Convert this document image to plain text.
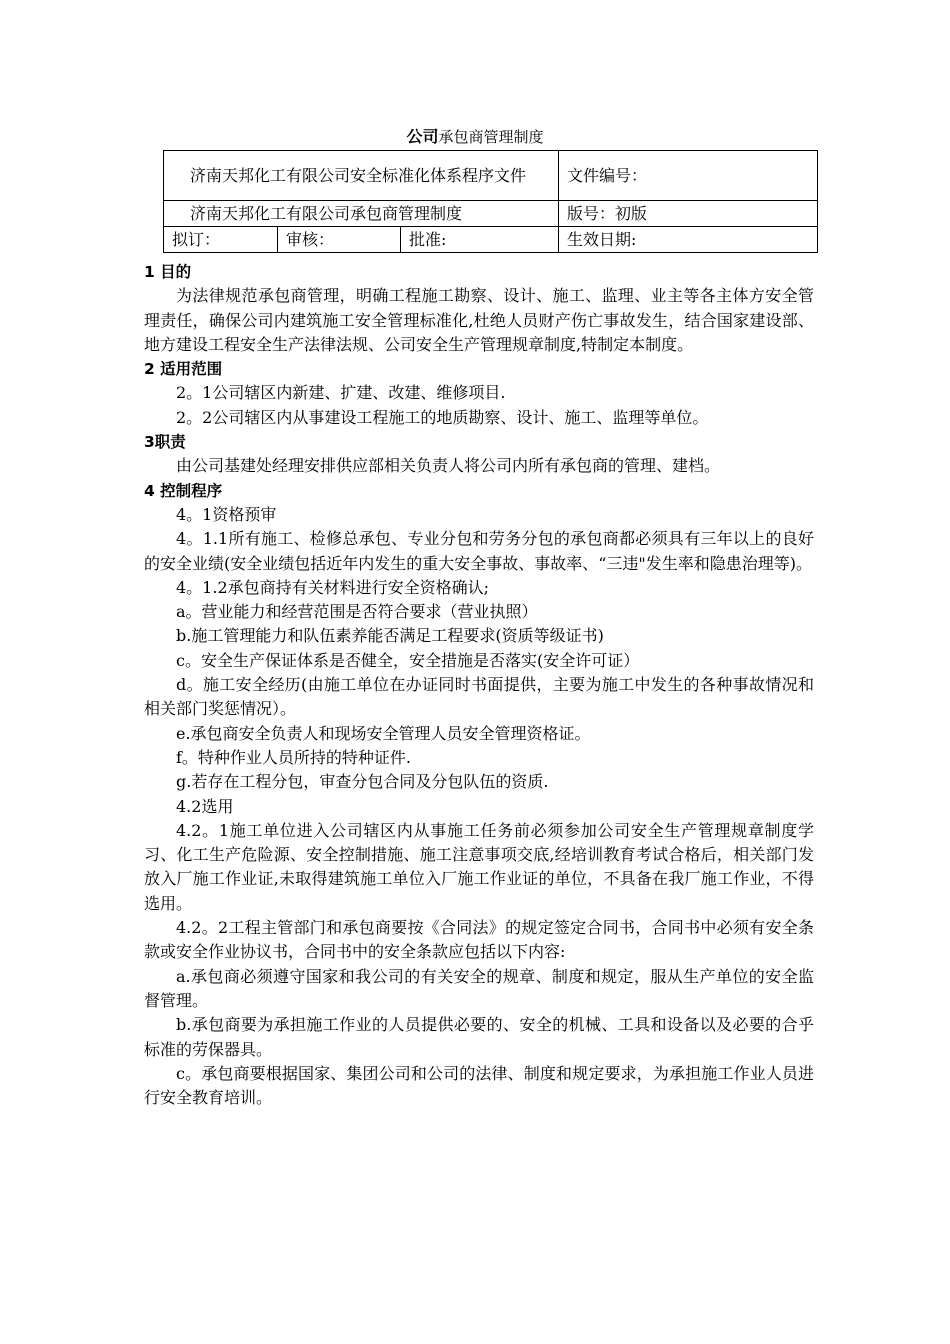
公司承包商管理制度
济南天邦化工有限公司安全标准化体系程序文件			文件编号：
济南天邦化工有限公司承包商管理制度			版号：初版
拟订：	审核：	批准:	生效日期:

1 目的

为法律规范承包商管理，明确工程施工勘察、设计、施工、监理、业主等各主体方安全管理责任，确保公司内建筑施工安全管理标准化,杜绝人员财产伤亡事故发生，结合国家建设部、地方建设工程安全生产法律法规、公司安全生产管理规章制度,特制定本制度。

2 适用范围

2。1公司辖区内新建、扩建、改建、维修项目.

2。2公司辖区内从事建设工程施工的地质勘察、设计、施工、监理等单位。

3职责

由公司基建处经理安排供应部相关负责人将公司内所有承包商的管理、建档。

4 控制程序

4。1资格预审

4。1.1所有施工、检修总承包、专业分包和劳务分包的承包商都必须具有三年以上的良好的安全业绩(安全业绩包括近年内发生的重大安全事故、事故率、“三违"发生率和隐患治理等)。

4。1.2承包商持有关材料进行安全资格确认;

a。营业能力和经营范围是否符合要求（营业执照）

b.施工管理能力和队伍素养能否满足工程要求(资质等级证书)

c。安全生产保证体系是否健全，安全措施是否落实(安全许可证）

d。施工安全经历(由施工单位在办证同时书面提供，主要为施工中发生的各种事故情况和相关部门奖惩情况）。

e.承包商安全负责人和现场安全管理人员安全管理资格证。

f。特种作业人员所持的特种证件.

g.若存在工程分包，审查分包合同及分包队伍的资质.

4.2选用

4.2。1施工单位进入公司辖区内从事施工任务前必须参加公司安全生产管理规章制度学习、化工生产危险源、安全控制措施、施工注意事项交底,经培训教育考试合格后，相关部门发放入厂施工作业证,未取得建筑施工单位入厂施工作业证的单位，不具备在我厂施工作业，不得选用。

4.2。2工程主管部门和承包商要按《合同法》的规定签定合同书，合同书中必须有安全条款或安全作业协议书，合同书中的安全条款应包括以下内容:

a.承包商必须遵守国家和我公司的有关安全的规章、制度和规定，服从生产单位的安全监督管理。

b.承包商要为承担施工作业的人员提供必要的、安全的机械、工具和设备以及必要的合乎标准的劳保器具。

c。承包商要根据国家、集团公司和公司的法律、制度和规定要求，为承担施工作业人员进行安全教育培训。
